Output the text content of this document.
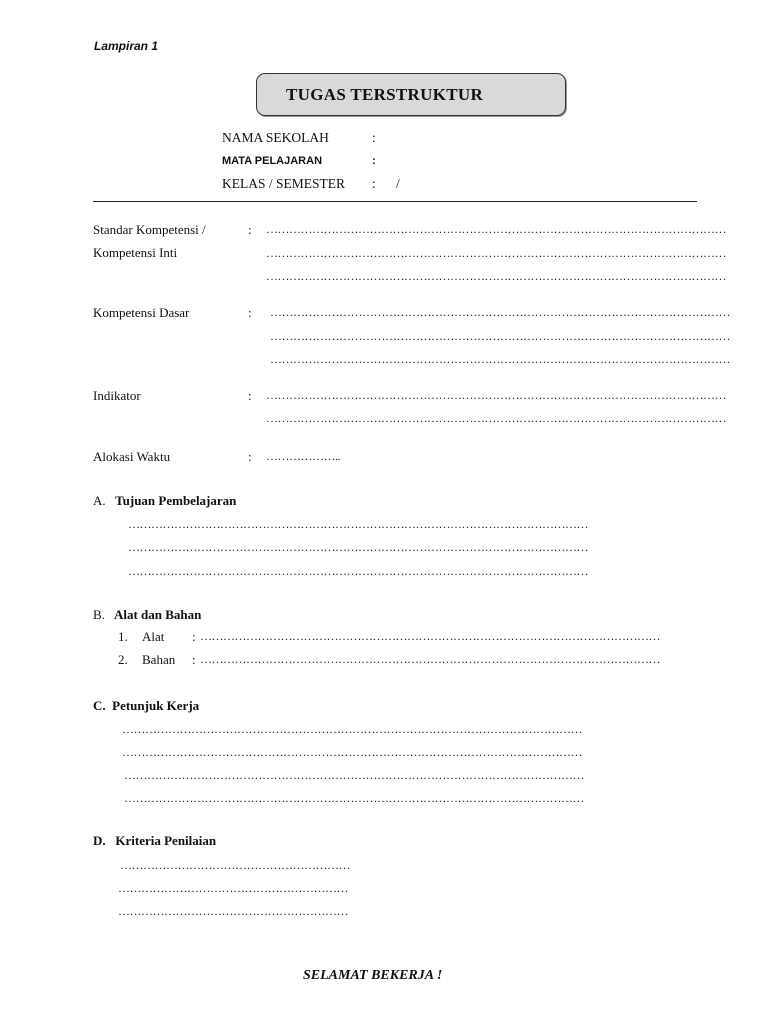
Lampiran 1
TUGAS TERSTRUKTUR
NAMA SEKOLAH	:
MATA PELAJARAN	:
KELAS / SEMESTER : /
Standar Kompetensi /	: …………………………………………………………………………………………………………
Kompetensi Inti	…………………………………………………………………………………………………………
…………………………………………………………………………………………………………
Kompetensi Dasar	: …………………………………………………………………………………………………………
…………………………………………………………………………………………………………
…………………………………………………………………………………………………………
Indikator	: …………………………………………………………………………………………………………
…………………………………………………………………………………………………………
Alokasi Waktu	: ………………..
A. Tujuan Pembelajaran
…………………………………………………………………………………………………………
…………………………………………………………………………………………………………
…………………………………………………………………………………………………………
B. Alat dan Bahan
1. Alat : …………………………………………………………………………………………………………
2. Bahan : …………………………………………………………………………………………………………
C. Petunjuk Kerja
…………………………………………………………………………………………………………
…………………………………………………………………………………………………………
…………………………………………………………………………………………………………
…………………………………………………………………………………………………………
D. Kriteria Penilaian
……………………………………………………
……………………………………………………
……………………………………………………
SELAMAT BEKERJA !
